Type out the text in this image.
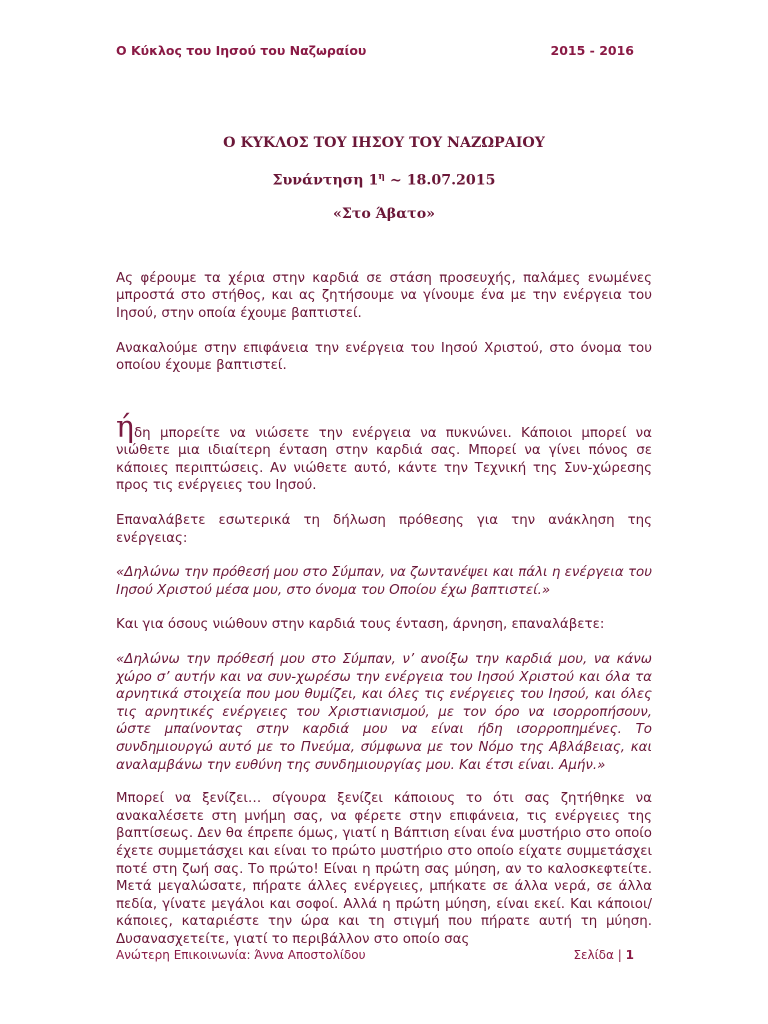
Ο Κύκλος του Ιησού του Ναζωραίου	2015 - 2016
Ο ΚΥΚΛΟΣ ΤΟΥ ΙΗΣΟΥ ΤΟΥ ΝΑΖΩΡΑΙΟΥ
Συνάντηση $1^\eta$ ~ 18.07.2015
«Στο Άβατο»

Ας φέρουμε τα χέρια στην καρδιά σε στάση προσευχής, παλάμες ενωμένες μπροστά στο στήθος, και ας ζητήσουμε να γίνουμε ένα με την ενέργεια του Ιησού, στην οποία έχουμε βαπτιστεί.

Ανακαλούμε στην επιφάνεια την ενέργεια του Ιησού Χριστού, στο όνομα του οποίου έχουμε βαπτιστεί.

ήδη μπορείτε να νιώσετε την ενέργεια να πυκνώνει. Κάποιοι μπορεί να νιώθετε μια ιδιαίτερη ένταση στην καρδιά σας. Μπορεί να γίνει πόνος σε κάποιες περιπτώσεις. Αν νιώθετε αυτό, κάντε την Τεχνική της Συν-χώρεσης προς τις ενέργειες του Ιησού.

Επαναλάβετε εσωτερικά τη δήλωση πρόθεσης για την ανάκληση της ενέργειας:

«Δηλώνω την πρόθεσή μου στο Σύμπαν, να ζωντανέψει και πάλι η ενέργεια του Ιησού Χριστού μέσα μου, στο όνομα του Οποίου έχω βαπτιστεί.»

Και για όσους νιώθουν στην καρδιά τους ένταση, άρνηση, επαναλάβετε:

«Δηλώνω την πρόθεσή μου στο Σύμπαν, ν’ ανοίξω την καρδιά μου, να κάνω χώρο σ’ αυτήν και να συν-χωρέσω την ενέργεια του Ιησού Χριστού και όλα τα αρνητικά στοιχεία που μου θυμίζει, και όλες τις ενέργειες του Ιησού, και όλες τις αρνητικές ενέργειες του Χριστιανισμού, με τον όρο να ισορροπήσουν, ώστε μπαίνοντας στην καρδιά μου να είναι ήδη ισορροπημένες. Το συνδημιουργώ αυτό με το Πνεύμα, σύμφωνα με τον Νόμο της Αβλάβειας, και αναλαμβάνω την ευθύνη της συνδημιουργίας μου. Και έτσι είναι. Αμήν.»

Μπορεί να ξενίζει… σίγουρα ξενίζει κάποιους το ότι σας ζητήθηκε να ανακαλέσετε στη μνήμη σας, να φέρετε στην επιφάνεια, τις ενέργειες της βαπτίσεως. Δεν θα έπρεπε όμως, γιατί η Βάπτιση είναι ένα μυστήριο στο οποίο έχετε συμμετάσχει και είναι το πρώτο μυστήριο στο οποίο είχατε συμμετάσχει ποτέ στη ζωή σας. Το πρώτο! Είναι η πρώτη σας μύηση, αν το καλοσκεφτείτε. Μετά μεγαλώσατε, πήρατε άλλες ενέργειες, μπήκατε σε άλλα νερά, σε άλλα πεδία, γίνατε μεγάλοι και σοφοί. Αλλά η πρώτη μύηση, είναι εκεί. Και κάποιοι/κάποιες, καταριέστε την ώρα και τη στιγμή που πήρατε αυτή τη μύηση. Δυσανασχετείτε, γιατί το περιβάλλον στο οποίο σας

Ανώτερη Επικοινωνία: Άννα Αποστολίδου	Σελίδα | 1
